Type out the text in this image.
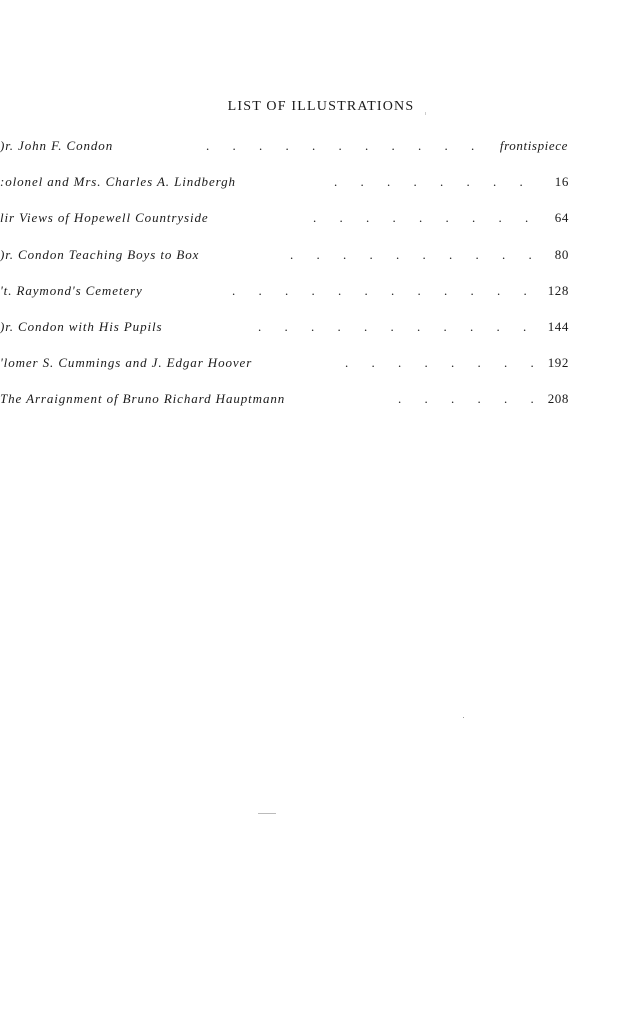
LIST OF ILLUSTRATIONS
)r. John F. Condon	. . . . . . . . . . . frontispiece
:olonel and Mrs. Charles A. Lindbergh	. . . . . . . . 16
lir Views of Hopewell Countryside	. . . . . . . . . 64
)r. Condon Teaching Boys to Box	. . . . . . . . . . 80
't. Raymond's Cemetery	. . . . . . . . . . . . 128
)r. Condon with His Pupils	. . . . . . . . . . . 144
'lomer S. Cummings and J. Edgar Hoover	. . . . . . . . 192
The Arraignment of Bruno Richard Hauptmann	. . . . . . 208
